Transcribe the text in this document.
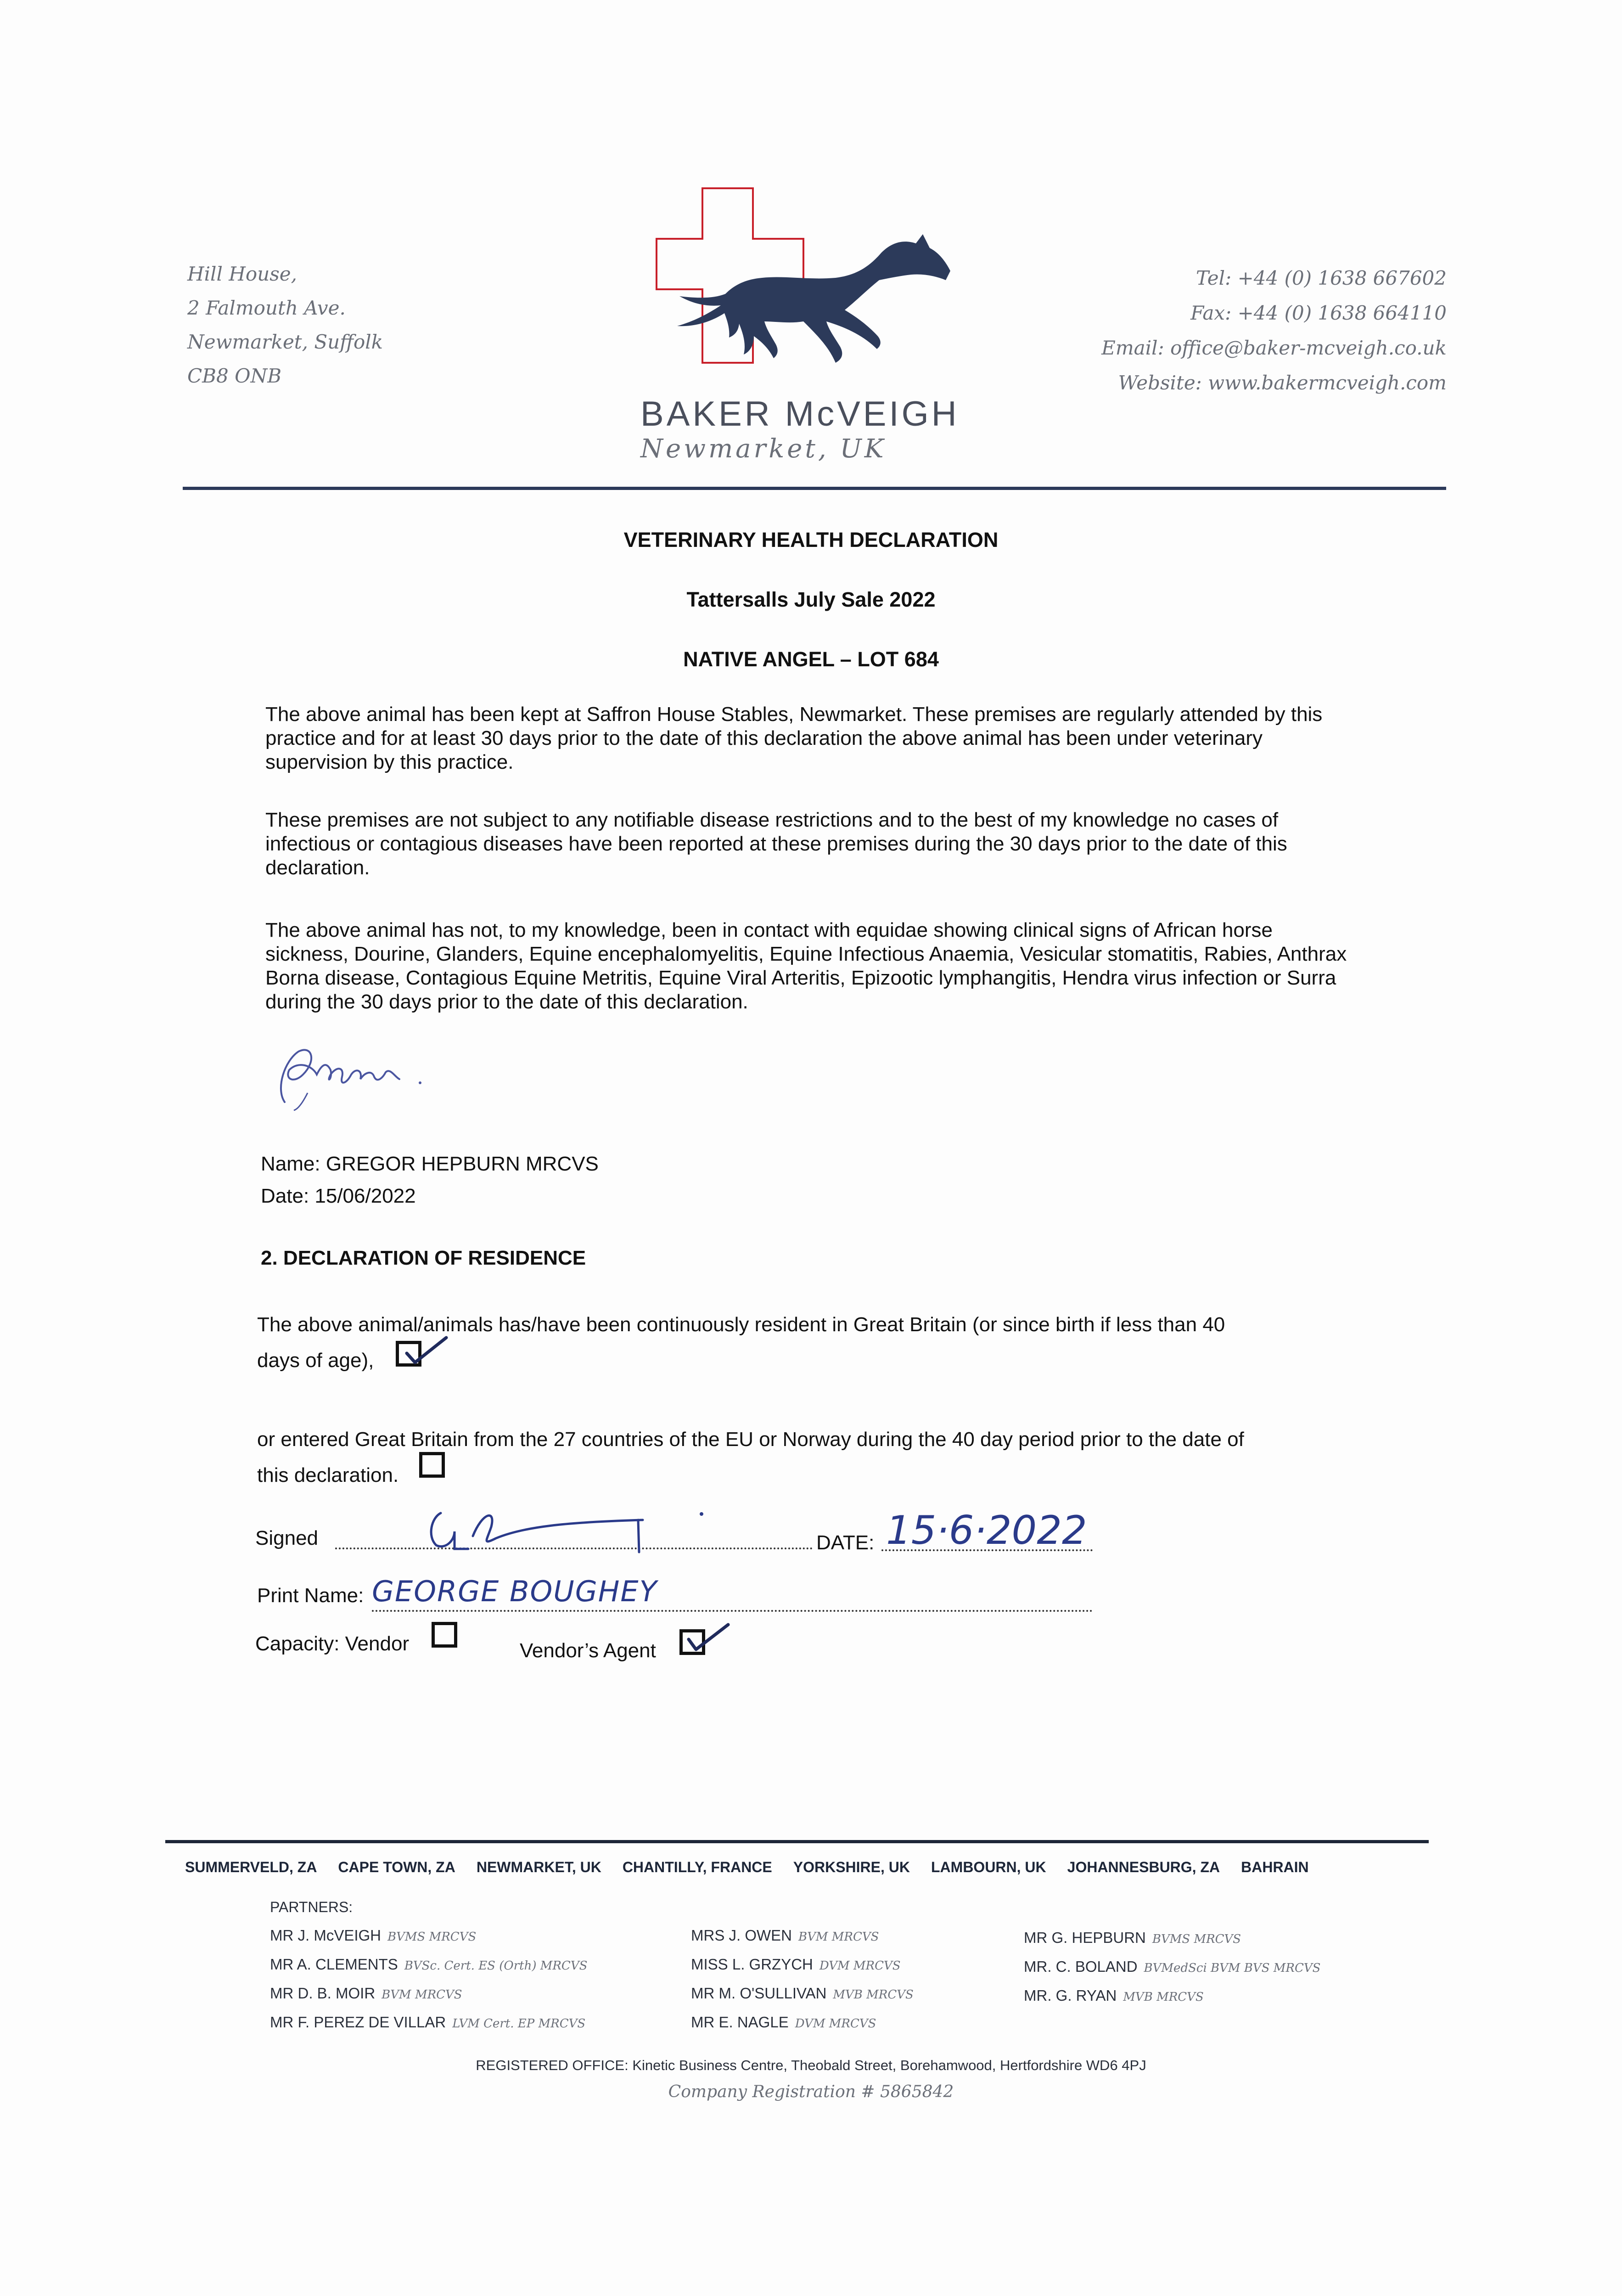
Hill House,
2 Falmouth Ave.
Newmarket, Suffolk
CB8 ONB
BAKER McVEIGH
Newmarket, UK
Tel: +44 (0) 1638 667602
Fax: +44 (0) 1638 664110
Email: office@baker-mcveigh.co.uk
Website: www.bakermcveigh.com
VETERINARY HEALTH DECLARATION
Tattersalls July Sale 2022
NATIVE ANGEL – LOT 684
The above animal has been kept at Saffron House Stables, Newmarket. These premises are regularly attended by this practice and for at least 30 days prior to the date of this declaration the above animal has been under veterinary supervision by this practice.
These premises are not subject to any notifiable disease restrictions and to the best of my knowledge no cases of infectious or contagious diseases have been reported at these premises during the 30 days prior to the date of this declaration.
The above animal has not, to my knowledge, been in contact with equidae showing clinical signs of African horse sickness, Dourine, Glanders, Equine encephalomyelitis, Equine Infectious Anaemia, Vesicular stomatitis, Rabies, Anthrax Borna disease, Contagious Equine Metritis, Equine Viral Arteritis, Epizootic lymphangitis, Hendra virus infection or Surra during the 30 days prior to the date of this declaration.
Name: GREGOR HEPBURN MRCVS
Date: 15/06/2022
2. DECLARATION OF RESIDENCE
The above animal/animals has/have been continuously resident in Great Britain (or since birth if less than 40
days of age),
or entered Great Britain from the 27 countries of the EU or Norway during the 40 day period prior to the date of
this declaration.
Signed	DATE: 15·6·2022
Print Name: GEORGE BOUGHEY
Capacity: Vendor	Vendor’s Agent
SUMMERVELD, ZA CAPE TOWN, ZA NEWMARKET, UK CHANTILLY, FRANCE YORKSHIRE, UK LAMBOURN, UK JOHANNESBURG, ZA BAHRAIN
PARTNERS:
MR J. McVEIGH BVMS MRCVS
MR A. CLEMENTS BVSc. Cert. ES (Orth) MRCVS
MR D. B. MOIR BVM MRCVS
MR F. PEREZ DE VILLAR LVM Cert. EP MRCVS
MRS J. OWEN BVM MRCVS
MISS L. GRZYCH DVM MRCVS
MR M. O'SULLIVAN MVB MRCVS
MR E. NAGLE DVM MRCVS
MR G. HEPBURN BVMS MRCVS
MR. C. BOLAND BVMedSci BVM BVS MRCVS
MR. G. RYAN MVB MRCVS
REGISTERED OFFICE: Kinetic Business Centre, Theobald Street, Borehamwood, Hertfordshire WD6 4PJ
Company Registration # 5865842
